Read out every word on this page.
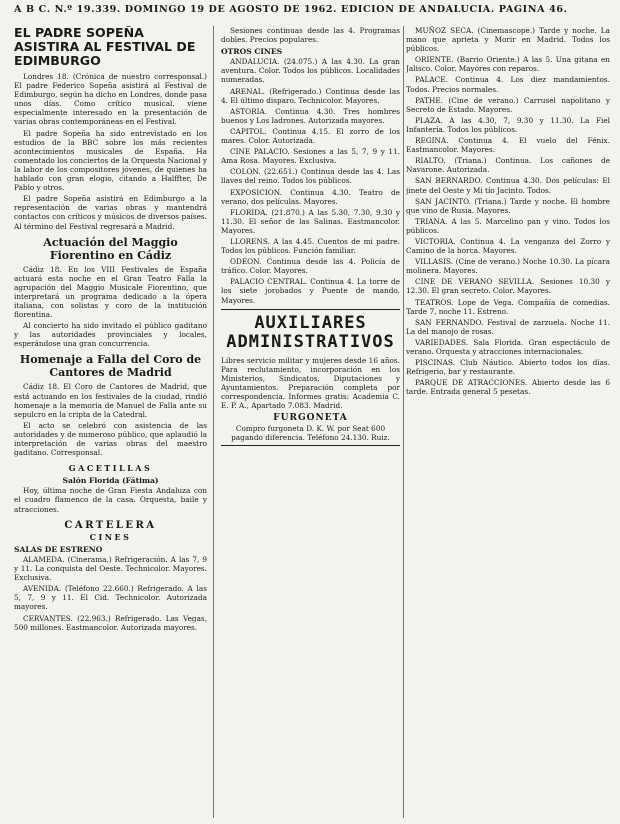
A B C. N.º 19.339. DOMINGO 19 DE AGOSTO DE 1962. EDICION DE ANDALUCIA. PAGINA 46.
EL PADRE SOPEÑA ASISTIRA AL FESTIVAL DE EDIMBURGO

Londres 18. (Crónica de nuestro corresponsal.) El padre Federico Sopeña asistirá al Festival de Edimburgo, según ha dicho en Londres, donde pasa unos días. Como crítico musical, viene especialmente interesado en la presentación de varias obras contemporáneas en el Festival.

El padre Sopeña ha sido entrevistado en los estudios de la BBC sobre los más recientes acontecimientos musicales de España. Ha comentado los conciertos de la Orquesta Nacional y la labor de los compositores jóvenes, de quienes ha hablado con gran elogio, citando a Halffter, De Pablo y otros.

El padre Sopeña asistirá en Edimburgo a la representación de varias obras y mantendrá contactos con críticos y músicos de diversos países. Al término del Festival regresará a Madrid.

Actuación del Maggio Fiorentino en Cádiz

Cádiz 18. En los VIII Festivales de España actuará esta noche en el Gran Teatro Falla la agrupación del Maggio Musicale Fiorentino, que interpretará un programa dedicado a la ópera italiana, con solistas y coro de la institución florentina.

Al concierto ha sido invitado el público gaditano y las autoridades provinciales y locales, esperándose una gran concurrencia.

Homenaje a Falla del Coro de Cantores de Madrid

Cádiz 18. El Coro de Cantores de Madrid, que está actuando en los festivales de la ciudad, rindió homenaje a la memoria de Manuel de Falla ante su sepulcro en la cripta de la Catedral.

El acto se celebró con asistencia de las autoridades y de numeroso público, que aplaudió la interpretación de varias obras del maestro gaditano. Corresponsal.

GACETILLAS

Salón Florida (Fátima)

Hoy, última noche de Gran Fiesta Andaluza con el cuadro flamenco de la casa. Orquesta, baile y atracciones.

CARTELERA
CINES
SALAS DE ESTRENO

ALAMEDA. (Cinerama.) Refrigeración. A las 7, 9 y 11. La conquista del Oeste. Technicolor. Mayores. Exclusiva.

AVENIDA. (Teléfono 22.660.) Refrigerado. A las 5, 7, 9 y 11. El Cid. Technicolor. Autorizada mayores.

CERVANTES. (22.963.) Refrigerado. Las Vegas, 500 millones. Eastmancolor. Autorizada mayores.

Sesiones continuas desde las 4. Programas dobles. Precios populares.

OTROS CINES

ANDALUCIA. (24.075.) A las 4.30. La gran aventura. Color. Todos los públicos. Localidades numeradas.

ARENAL. (Refrigerado.) Continua desde las 4. El último disparo. Technicolor. Mayores.

ASTORIA. Continua 4.30. Tres hombres buenos y Los ladrones. Autorizada mayores.

CAPITOL. Continua 4.15. El zorro de los mares. Color. Autorizada.

CINE PALACIO. Sesiones a las 5, 7, 9 y 11. Ama Rosa. Mayores. Exclusiva.

COLON. (22.651.) Continua desde las 4. Las llaves del reino. Todos los públicos.

EXPOSICION. Continua 4.30. Teatro de verano, dos películas. Mayores.

FLORIDA. (21.870.) A las 5.30, 7.30, 9.30 y 11.30. El señor de las Salinas. Eastmancolor. Mayores.

LLORENS. A las 4.45. Cuentos de mi padre. Todos los públicos. Función familiar.

ODEON. Continua desde las 4. Policía de tráfico. Color. Mayores.

PALACIO CENTRAL. Continua 4. La torre de los siete jorobados y Puente de mando. Mayores.

AUXILIARES ADMINISTRATIVOS
Libres servicio militar y mujeres desde 16 años. Para reclutamiento, incorporación en los Ministerios, Sindicatos, Diputaciones y Ayuntamientos. Preparación completa por correspondencia. Informes gratis: Academia C. E. P. A., Apartado 7.083. Madrid.
FURGONETA
Compro furgoneta D. K. W. por Seat 600 pagando diferencia. Teléfono 24.130. Ruiz.

MUÑOZ SECA. (Cinemascope.) Tarde y noche. La mano que aprieta y Morir en Madrid. Todos los públicos.

ORIENTE. (Barrio Oriente.) A las 5. Una gitana en Jalisco. Color. Mayores con reparos.

PALACE. Continua 4. Los diez mandamientos. Todos. Precios normales.

PATHE. (Cine de verano.) Carrusel napolitano y Secreto de Estado. Mayores.

PLAZA. A las 4.30, 7, 9.30 y 11.30. La Fiel Infantería. Todos los públicos.

REGINA. Continua 4. El vuelo del Fénix. Eastmancolor. Mayores.

RIALTO. (Triana.) Continua. Los cañones de Navarone. Autorizada.

SAN BERNARDO. Continua 4.30. Dos películas: El jinete del Oeste y Mi tío Jacinto. Todos.

SAN JACINTO. (Triana.) Tarde y noche. El hombre que vino de Rusia. Mayores.

TRIANA. A las 5. Marcelino pan y vino. Todos los públicos.

VICTORIA. Continua 4. La venganza del Zorro y Camino de la horca. Mayores.

VILLASIS. (Cine de verano.) Noche 10.30. La pícara molinera. Mayores.

CINE DE VERANO SEVILLA. Sesiones 10.30 y 12.30. El gran secreto. Color. Mayores.

TEATROS. Lope de Vega. Compañía de comedias. Tarde 7, noche 11. Estreno.

SAN FERNANDO. Festival de zarzuela. Noche 11. La del manojo de rosas.

VARIEDADES. Sala Florida. Gran espectáculo de verano. Orquesta y atracciones internacionales.

PISCINAS. Club Náutico. Abierto todos los días. Refrigerio, bar y restaurante.

PARQUE DE ATRACCIONES. Abierto desde las 6 tarde. Entrada general 5 pesetas.
